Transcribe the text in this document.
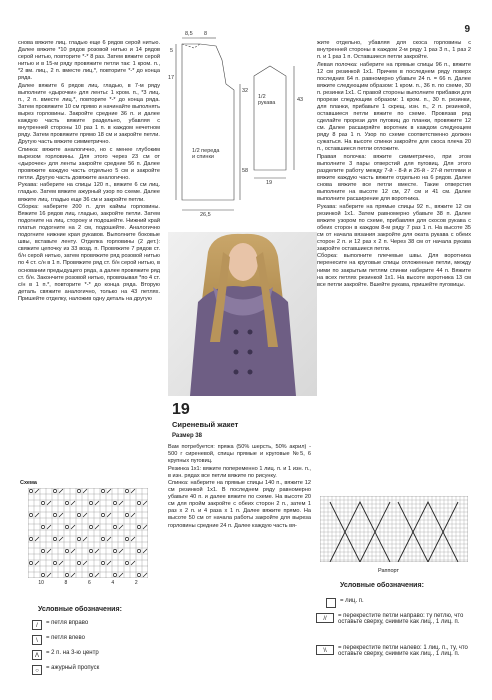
9

снова вяжите лиц. гладью еще 6 рядов серой нитью. Далее вяжите *10 рядов розовой нитью и 14 рядов серой нитью, повторите *-* 8 раз. Затем вяжите серой нитью и в 15-м ряду провяжите петли так: 1 кром. п., *2 вм. лиц., 2 п. вместе лиц.*, повторите *-* до конца ряда.

Далее вяжите 6 рядов лиц. гладью, в 7-м ряду выполните «дырочки» для ленты: 1 кром. п., *3 лиц. п., 2 п. вместе лиц.*, повторите *-* до конца ряда. Затем провяжите 10 см прямо и начинайте выполнять вырез горловины. Закройте средние 36 п. и далее каждую часть вяжите раздельно, убавляя с внутренней стороны 10 раз 1 п. в каждом нечетном ряду. Затем провяжите прямо 18 см и закройте петли. Другую часть вяжите симметрично.

Спинка: вяжите аналогично, но с менее глубоким вырезом горловины. Для этого через 23 см от «дырочек» для ленты закройте средние 56 п. Далее провяжите каждую часть отдельно 5 см и закройте петли. Другую часть довяжите аналогично.

Рукава: наберите на спицы 120 п., вяжите 6 см лиц. гладью. Затем вяжите ажурный узор по схеме. Далее вяжите лиц. гладью еще 36 см и закройте петли.

Сборка: наберите 200 п. для каймы горловины. Вяжите 16 рядов лиц. гладью, закройте петли. Затем подогните на лиц. сторону и подошейте. Нижний край платья подогните на 2 см, подошейте. Аналогично подогните нижние края рукавов. Выполните боковые швы, вставьте ленту. Отделка горловины (2 дет.): свяжите цепочку из 33 возд. п. Провяжите 7 рядов ст. б/н серой нитью, затем провяжите ряд розовой нитью по 4 ст. с/н в 1 п. Провяжите ряд ст. б/н серой нитью, в основании предыдущего ряда, а далее провяжите ряд ст. б/н. Закончите розовой нитью, провязывая *по 4 ст. с/н в 1 п.*, повторите *-* до конца ряда. Вторую деталь свяжите аналогично, только на 43 петлях. Пришейте отделку, наложив одну деталь на другую

жите отдельно, убавляя для скоса горловины с внутренней стороны в каждом 2-м ряду 1 раз 3 п., 1 раз 2 п. и 1 раз 1 п. Оставшиеся петли закройте.

Левая полочка: наберите на прямые спицы 96 п., вяжите 12 см резинкой 1х1. Причем в последнем ряду поверх последних 64 п. равномерно убавьте 24 п. = 66 п. Далее вяжите следующим образом: 1 кром. п., 36 п. по схеме, 30 п. резинки 1х1. С правой стороны выполните прибавки для прорези следующим образом: 1 кром. п., 30 п. резинки, для планки, прибавьте 1 скрещ. изн. п., 2 п. резинкой, оставшиеся петли вяжите по схеме. Провязав ряд сделайте прорези для пуговиц до планки, провяжите 12 см. Далее расширяйте воротник в каждом следующем ряду 8 раз 1 п. Узор по схеме соответственно должен сужаться. На высоте спинки закройте для скоса плеча 20 п., оставшиеся петли отложите.

Правая полочка: вяжите симметрично, при этом выполните 3 пары отверстий для пуговиц. Для этого разделите работу между 7-й - 8-й и 26-й - 27-й петлями и вяжите каждую часть вяжите отдельно на 6 рядов. Далее снова вяжите все петли вместе. Такие отверстия выполните на высоте 12 см, 27 см и 41 см. Далее выполните расширение для воротника.

Рукава: наберите на прямые спицы 92 п., вяжите 12 см резинкой 1х1. Затем равномерно убавьте 38 п. Далее вяжите узором по схеме, прибавляя для скосов рукава с обеих сторон в каждом 8-м ряду 7 раз 1 п. На высоте 35 см от начала вязания закройте для оката рукава с обеих сторон 2 п. и 12 раз х 2 п. Через 38 см от начала рукава закройте оставшиеся петли.

Сборка: выполните плечевые швы. Для воротника перенесите на круговые спицы отложенные петли, между ними по закрытым петлям спинки наберите 44 п. Вяжите на всех петлях резинкой 1х1. На высоте воротника 13 см все петли закройте. Вшейте рукава, пришейте пуговицы.

8,5 8
5
17
32
1/2 рукава	43
19
58
1/2 переда и спинки
26,5
19
Сиреневый жакет
Размер 38

Вам потребуется: пряжа (50% шерсть, 50% акрил) - 500 г сиреневой, спицы прямые и круговые №5, 6 крупных пуговиц.

Резинка 1х1: вяжите попеременно 1 лиц. п. и 1 изн. п., в изн. рядах все петли вяжите по рисунку.

Спинка: наберите на прямые спицы 140 п., вяжите 12 см резинкой 1х1. В последнем ряду равномерно убавьте 40 п. и далее вяжите по схеме. На высоте 20 см для пройм закройте с обеих сторон 2 п., затем 1 раз х 2 п. и 4 раза х 1 п. Далее вяжите прямо. На высоте 50 см от начала работы закройте для выреза горловины средние 24 п. Далее каждую часть вя-

Схема
10	8	6	4	2
Условные обозначения:
/	= петля вправо
\	= петля влево
Λ	= 2 п. на 3-ю центр
○	= ажурный пропуск
Раппорт
Условные обозначения:
= лиц. п.
//	= перекрестите петли направо: ту петлю, что оставьте сверху, снимите как лиц., 1 лиц. п.
\\	= перекрестите петли налево: 1 лиц. п., ту, что оставьте сверху, снимите как лиц., 1 лиц. п.
